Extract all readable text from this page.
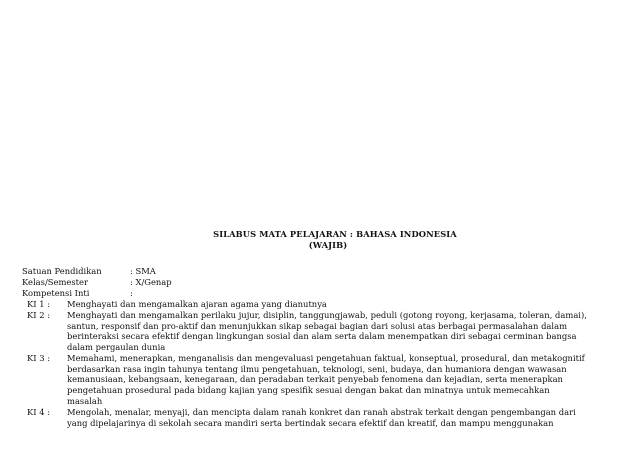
SILABUS MATA PELAJARAN : BAHASA INDONESIA
(WAJIB)
Satuan Pendidikan	: SMA
Kelas/Semester	: X/Genap
Kompetensi Inti	:
KI 1 : Menghayati dan mengamalkan ajaran agama yang dianutnya
KI 2 : Menghayati dan mengamalkan perilaku jujur, disiplin, tanggungjawab, peduli (gotong royong, kerjasama, toleran, damai),
santun, responsif dan pro-aktif dan menunjukkan sikap sebagai bagian dari solusi atas berbagai permasalahan dalam
berinteraksi secara efektif dengan lingkungan sosial dan alam serta dalam menempatkan diri sebagai cerminan bangsa
dalam pergaulan dunia
KI 3 : Memahami, menerapkan, menganalisis dan mengevaluasi pengetahuan faktual, konseptual, prosedural, dan metakognitif
berdasarkan rasa ingin tahunya tentang ilmu pengetahuan, teknologi, seni, budaya, dan humaniora dengan wawasan
kemanusiaan, kebangsaan, kenegaraan, dan peradaban terkait penyebab fenomena dan kejadian, serta menerapkan
pengetahuan prosedural pada bidang kajian yang spesifik sesuai dengan bakat dan minatnya untuk memecahkan
masalah
KI 4 : Mengolah, menalar, menyaji, dan mencipta dalam ranah konkret dan ranah abstrak terkait dengan pengembangan dari
yang dipelajarinya di sekolah secara mandiri serta bertindak secara efektif dan kreatif, dan mampu menggunakan
